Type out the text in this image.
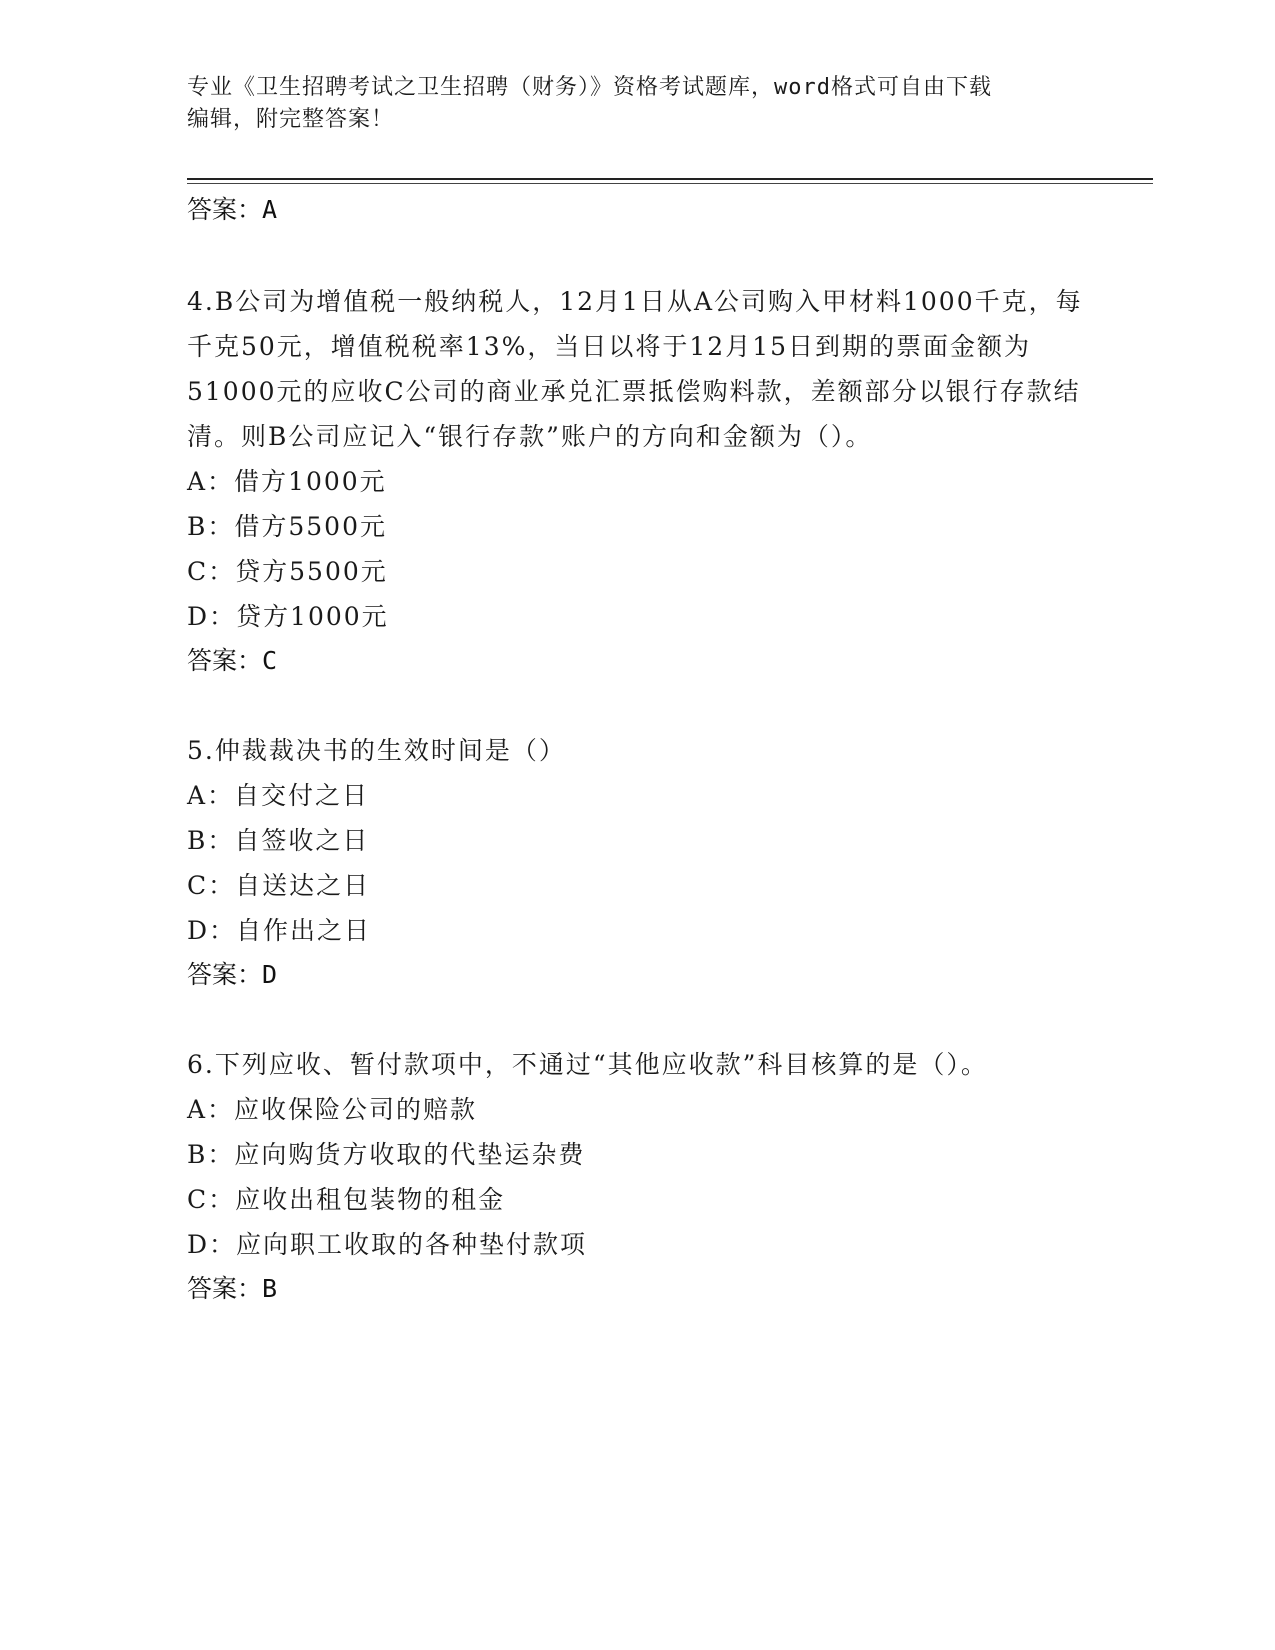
专业《卫生招聘考试之卫生招聘（财务）》资格考试题库，word格式可自由下载
编辑，附完整答案！
答案：A
4.B公司为增值税一般纳税人，12月1日从A公司购入甲材料1000千克，每千克50元，增值税税率13%，当日以将于12月15日到期的票面金额为51000元的应收C公司的商业承兑汇票抵偿购料款，差额部分以银行存款结清。则B公司应记入“银行存款”账户的方向和金额为（）。
A：借方1000元
B：借方5500元
C：贷方5500元
D：贷方1000元
答案：C
5.仲裁裁决书的生效时间是（）
A：自交付之日
B：自签收之日
C：自送达之日
D：自作出之日
答案：D
6.下列应收、暂付款项中，不通过“其他应收款”科目核算的是（）。
A：应收保险公司的赔款
B：应向购货方收取的代垫运杂费
C：应收出租包装物的租金
D：应向职工收取的各种垫付款项
答案：B
